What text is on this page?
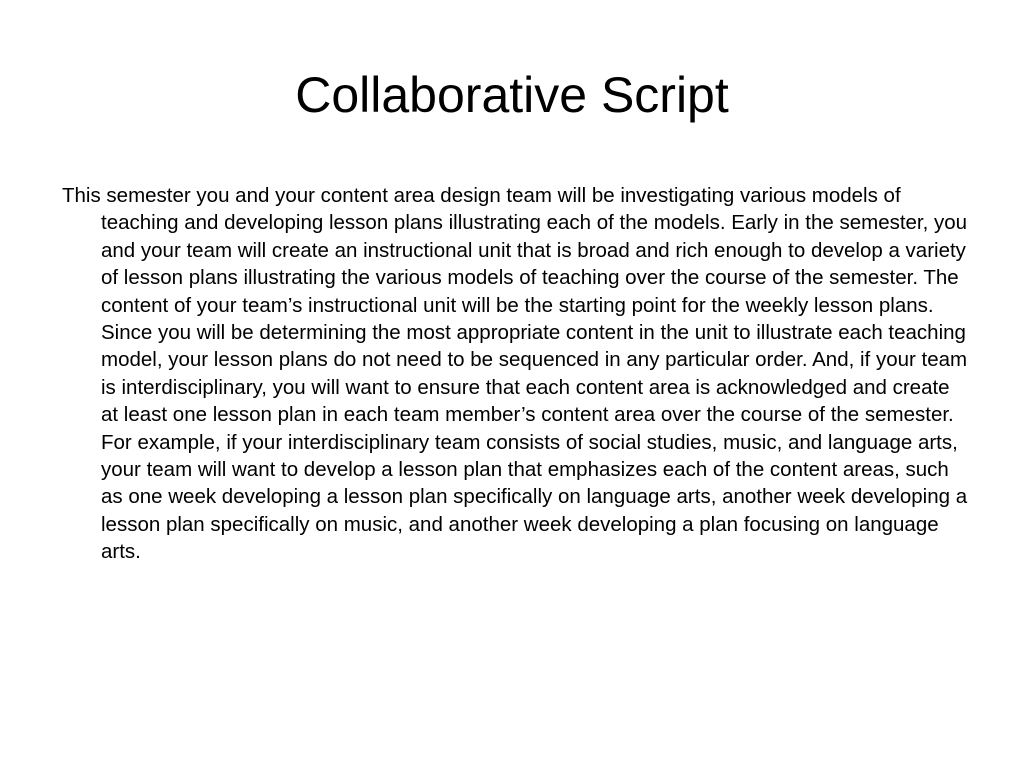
Collaborative Script

This semester you and your content area design team will be investigating various models of teaching and developing lesson plans illustrating each of the models. Early in the semester, you and your team will create an instructional unit that is broad and rich enough to develop a variety of lesson plans illustrating the various models of teaching over the course of the semester. The content of your team’s instructional unit will be the starting point for the weekly lesson plans. Since you will be determining the most appropriate content in the unit to illustrate each teaching model, your lesson plans do not need to be sequenced in any particular order. And, if your team is interdisciplinary, you will want to ensure that each content area is acknowledged and create at least one lesson plan in each team member’s content area over the course of the semester. For example, if your interdisciplinary team consists of social studies, music, and language arts, your team will want to develop a lesson plan that emphasizes each of the content areas, such as one week developing a lesson plan specifically on language arts, another week developing a lesson plan specifically on music, and another week developing a plan focusing on language arts.
